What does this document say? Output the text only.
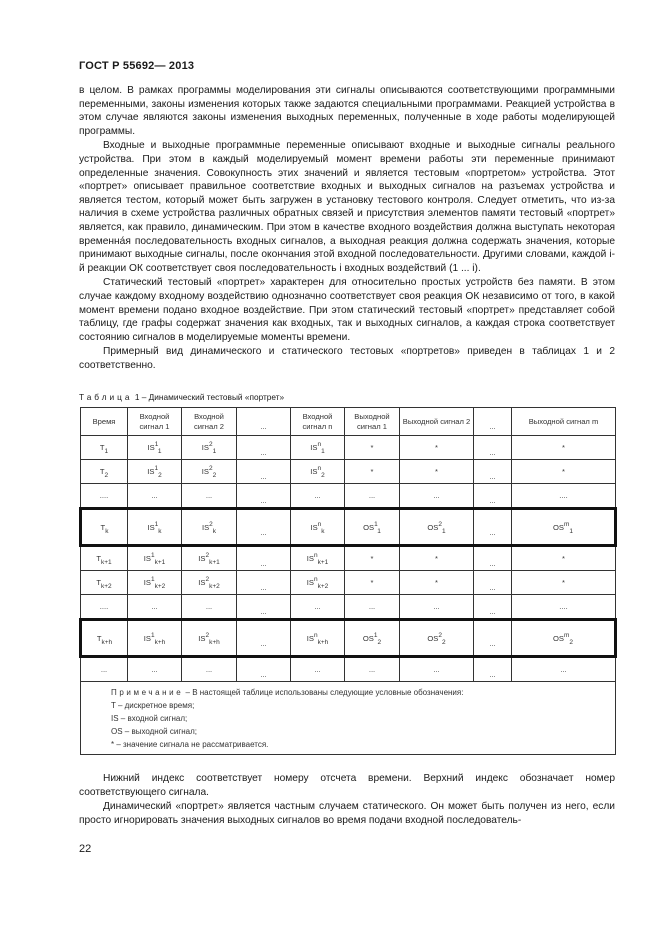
ГОСТ Р 55692— 2013

в целом. В рамках программы моделирования эти сигналы описываются соответствующими программными переменными, законы изменения которых также задаются специальными программами. Реакцией устройства в этом случае являются законы изменения выходных переменных, полученные в ходе работы моделирующей программы.

Входные и выходные программные переменные описывают входные и выходные сигналы реального устройства. При этом в каждый моделируемый момент времени работы эти переменные принимают определенные значения. Совокупность этих значений и является тестовым «портретом» устройства. Этот «портрет» описывает правильное соответствие входных и выходных сигналов на разъемах устройства и является тестом, который может быть загружен в установку тестового контроля. Следует отметить, что из-за наличия в схеме устройства различных обратных связей и присутствия элементов памяти тестовый «портрет» является, как правило, динамическим. При этом в качестве входного воздействия должна выступать некоторая временна́я последовательность входных сигналов, а выходная реакция должна содержать значения, которые принимают выходные сигналы, после окончания этой входной последовательности. Другими словами, каждой i-й реакции ОК соответствует своя последовательность i входных воздействий (1 ... i).

Статический тестовый «портрет» характерен для относительно простых устройств без памяти. В этом случае каждому входному воздействию однозначно соответствует своя реакция ОК независимо от того, в какой момент времени подано входное воздействие. При этом статический тестовый «портрет» представляет собой таблицу, где графы содержат значения как входных, так и выходных сигналов, а каждая строка соответствует состоянию сигналов в моделируемые моменты времени.

Примерный вид динамического и статического тестовых «портретов» приведен в таблицах 1 и 2 соответственно.

Таблица 1 – Динамический тестовый «портрет»
Время	Входной сигнал 1	Входной сигнал 2	...	Входной сигнал n	Выходной сигнал 1	Выходной сигнал 2	...	Выходной сигнал m
T1	IS11	IS21	...	ISn1	*	*	...	*
T2	IS12	IS22	...	ISn2	*	*	...	*
....	...	...	...	...	...	...	...	....
Tk	IS1k	IS2k	...	ISnk	OS11	OS21	...	OSm1
Tk+1	IS1k+1	IS2k+1	...	ISnk+1	*	*	...	*
Tk+2	IS1k+2	IS2k+2	...	ISnk+2	*	*	...	*
....	...	...	...	...	...	...	...	....
Tk+h	IS1k+h	IS2k+h	...	ISnk+h	OS12	OS22	...	OSm2
...	...	...	...	...	...	...	...	...

Примечание – В настоящей таблице использованы следующие условные обозначения:
T – дискретное время;
IS – входной сигнал;
OS – выходной сигнал;
* – значение сигнала не рассматривается.								

Нижний индекс соответствует номеру отсчета времени. Верхний индекс обозначает номер соответствующего сигнала.

Динамический «портрет» является частным случаем статического. Он может быть получен из него, если просто игнорировать значения выходных сигналов во время подачи входной последователь-

22
